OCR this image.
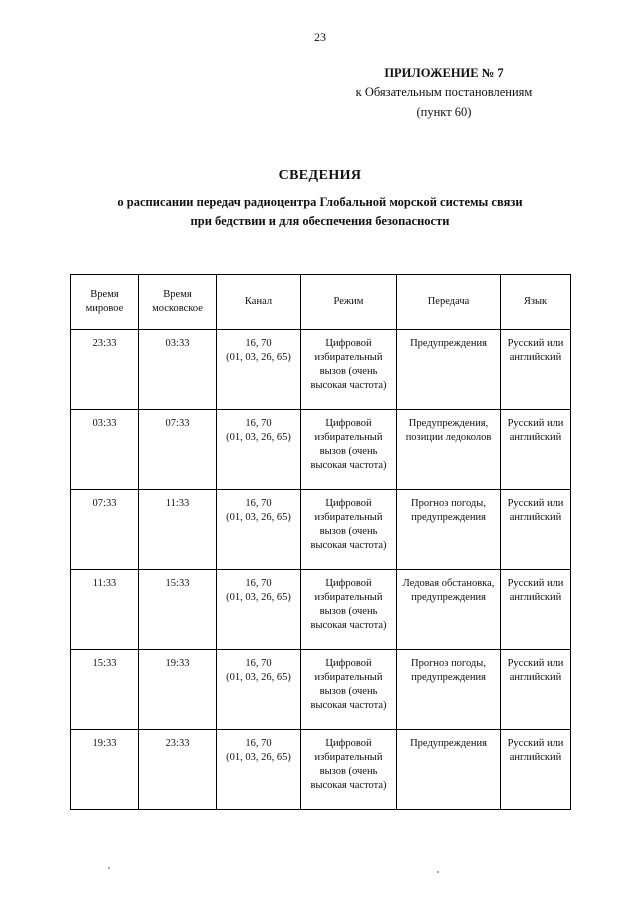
23
ПРИЛОЖЕНИЕ № 7
к Обязательным постановлениям
(пункт 60)
СВЕДЕНИЯ
о расписании передач радиоцентра Глобальной морской системы связи
при бедствии и для обеспечения безопасности
Время мировое	Время московское	Канал	Режим	Передача	Язык
23:33	03:33	16, 70
(01, 03, 26, 65)	Цифровой избирательный вызов (очень высокая частота)	Предупреждения	Русский или английский
03:33	07:33	16, 70
(01, 03, 26, 65)	Цифровой избирательный вызов (очень высокая частота)	Предупреждения, позиции ледоколов	Русский или английский
07:33	11:33	16, 70
(01, 03, 26, 65)	Цифровой избирательный вызов (очень высокая частота)	Прогноз погоды, предупреждения	Русский или английский
11:33	15:33	16, 70
(01, 03, 26, 65)	Цифровой избирательный вызов (очень высокая частота)	Ледовая обстановка, предупреждения	Русский или английский
15:33	19:33	16, 70
(01, 03, 26, 65)	Цифровой избирательный вызов (очень высокая частота)	Прогноз погоды, предупреждения	Русский или английский
19:33	23:33	16, 70
(01, 03, 26, 65)	Цифровой избирательный вызов (очень высокая частота)	Предупреждения	Русский или английский
